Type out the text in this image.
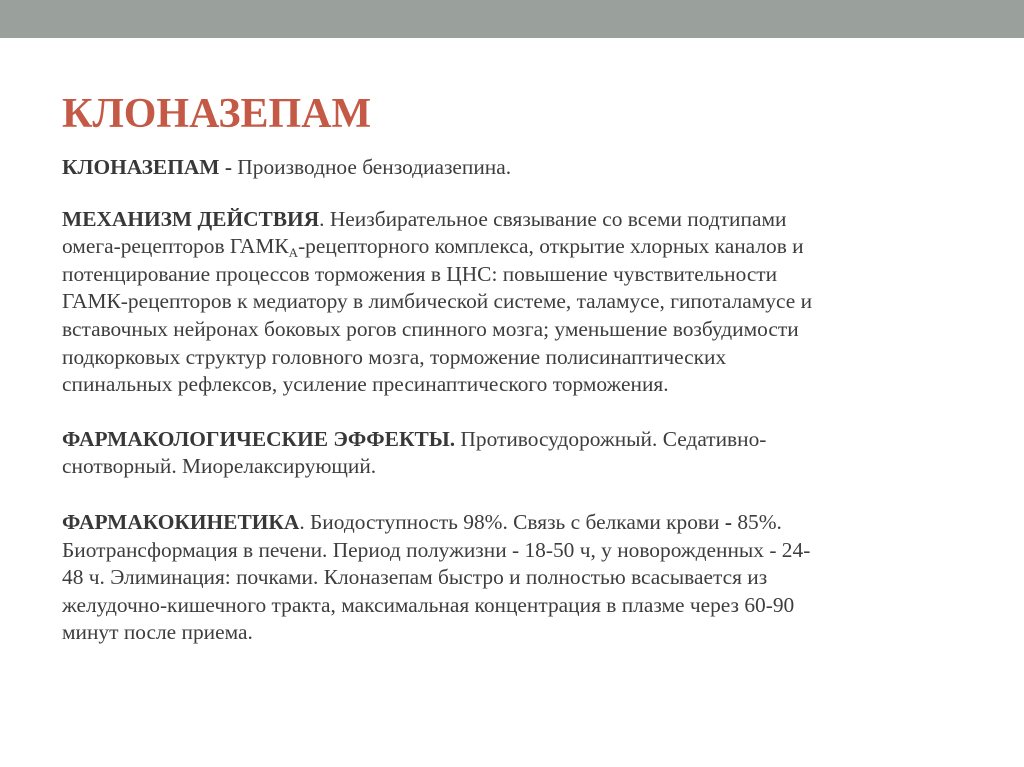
КЛОНАЗЕПАМ

КЛОНАЗЕПАМ - Производное бензодиазепина.

МЕХАНИЗМ ДЕЙСТВИЯ. Неизбирательное связывание со всеми подтипами
омега-рецепторов $ГАМК_А$-рецепторного комплекса, открытие хлорных каналов и
потенцирование процессов торможения в ЦНС: повышение чувствительности
ГАМК-рецепторов к медиатору в лимбической системе, таламусе, гипоталамусе и
вставочных нейронах боковых рогов спинного мозга; уменьшение возбудимости
подкорковых структур головного мозга, торможение полисинаптических
спинальных рефлексов, усиление пресинаптического торможения.

ФАРМАКОЛОГИЧЕСКИЕ ЭФФЕКТЫ. Противосудорожный. Седативно-
снотворный. Миорелаксирующий.

ФАРМАКОКИНЕТИКА. Биодоступность 98%. Связь с белками крови - 85%.
Биотрансформация в печени. Период полужизни - 18-50 ч, у новорожденных - 24-
48 ч. Элиминация: почками. Клоназепам быстро и полностью всасывается из
желудочно-кишечного тракта, максимальная концентрация в плазме через 60-90
минут после приема.
